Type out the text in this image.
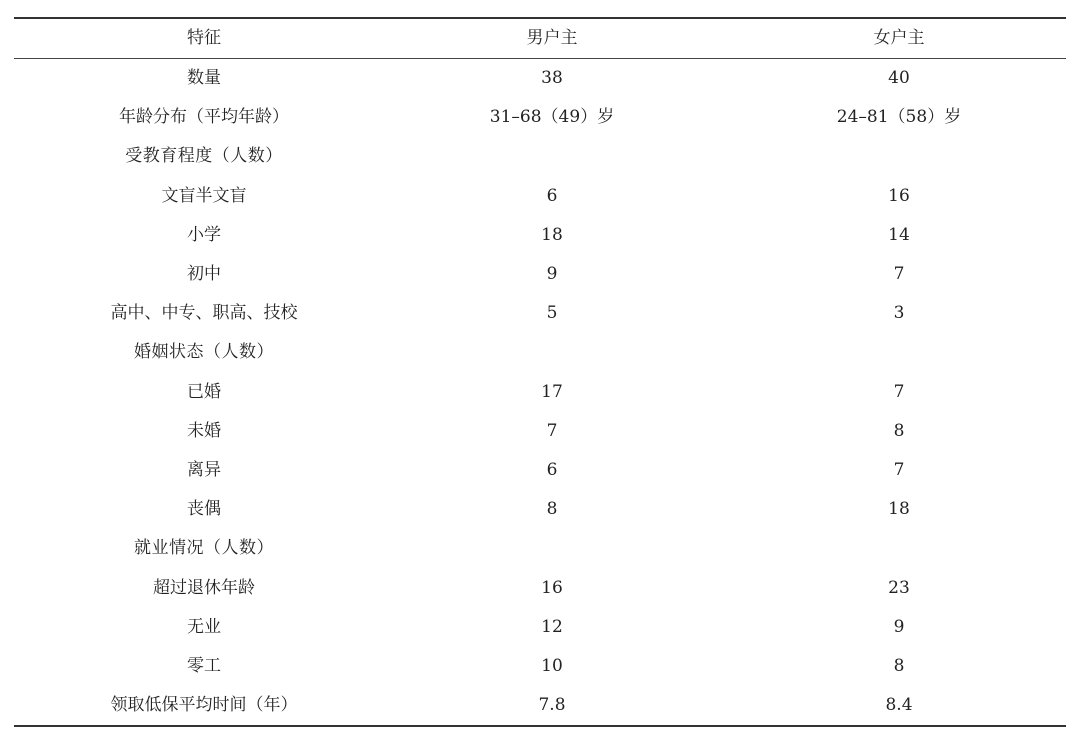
特征	男户主	女户主
数量	38	40
年龄分布（平均年龄）	31–68（49）岁	24–81（58）岁
受教育程度（人数）
文盲半文盲	6	16
小学	18	14
初中	9	7
高中、中专、职高、技校	5	3
婚姻状态（人数）
已婚	17	7
未婚	7	8
离异	6	7
丧偶	8	18
就业情况（人数）
超过退休年龄	16	23
无业	12	9
零工	10	8
领取低保平均时间（年）	7.8	8.4
